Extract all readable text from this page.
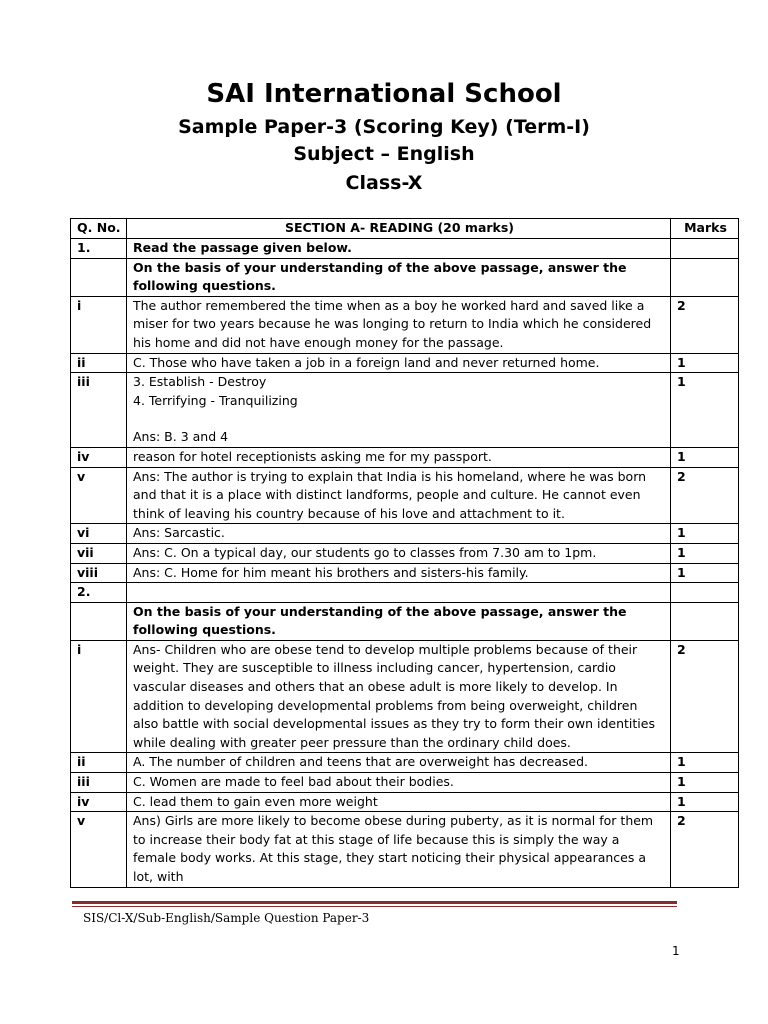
SAI International School
Sample Paper-3 (Scoring Key) (Term-I)
Subject – English
Class-X
Q. No.	SECTION A- READING (20 marks)	Marks
1.	Read the passage given below.	
	On the basis of your understanding of the above passage, answer the following questions.	
i	The author remembered the time when as a boy he worked hard and saved like a miser for two years because he was longing to return to India which he considered his home and did not have enough money for the passage.	2
ii	C. Those who have taken a job in a foreign land and never returned home.	1
iii	3. Establish - Destroy
4. Terrifying - Tranquilizing
Ans: B. 3 and 4	1
iv	reason for hotel receptionists asking me for my passport.	1
v	Ans: The author is trying to explain that India is his homeland, where he was born and that it is a place with distinct landforms, people and culture. He cannot even think of leaving his country because of his love and attachment to it.	2
vi	Ans: Sarcastic.	1
vii	Ans: C. On a typical day, our students go to classes from 7.30 am to 1pm.	1
viii	Ans: C. Home for him meant his brothers and sisters-his family.	1
2.		
	On the basis of your understanding of the above passage, answer the following questions.	
i	Ans- Children who are obese tend to develop multiple problems because of their weight. They are susceptible to illness including cancer, hypertension, cardio vascular diseases and others that an obese adult is more likely to develop. In addition to developing developmental problems from being overweight, children also battle with social developmental issues as they try to form their own identities while dealing with greater peer pressure than the ordinary child does.	2
ii	A. The number of children and teens that are overweight has decreased.	1
iii	C. Women are made to feel bad about their bodies.	1
iv	C. lead them to gain even more weight	1
v	Ans) Girls are more likely to become obese during puberty, as it is normal for them to increase their body fat at this stage of life because this is simply the way a female body works. At this stage, they start noticing their physical appearances a lot, with	2
SIS/Cl-X/Sub-English/Sample Question Paper-3
1
